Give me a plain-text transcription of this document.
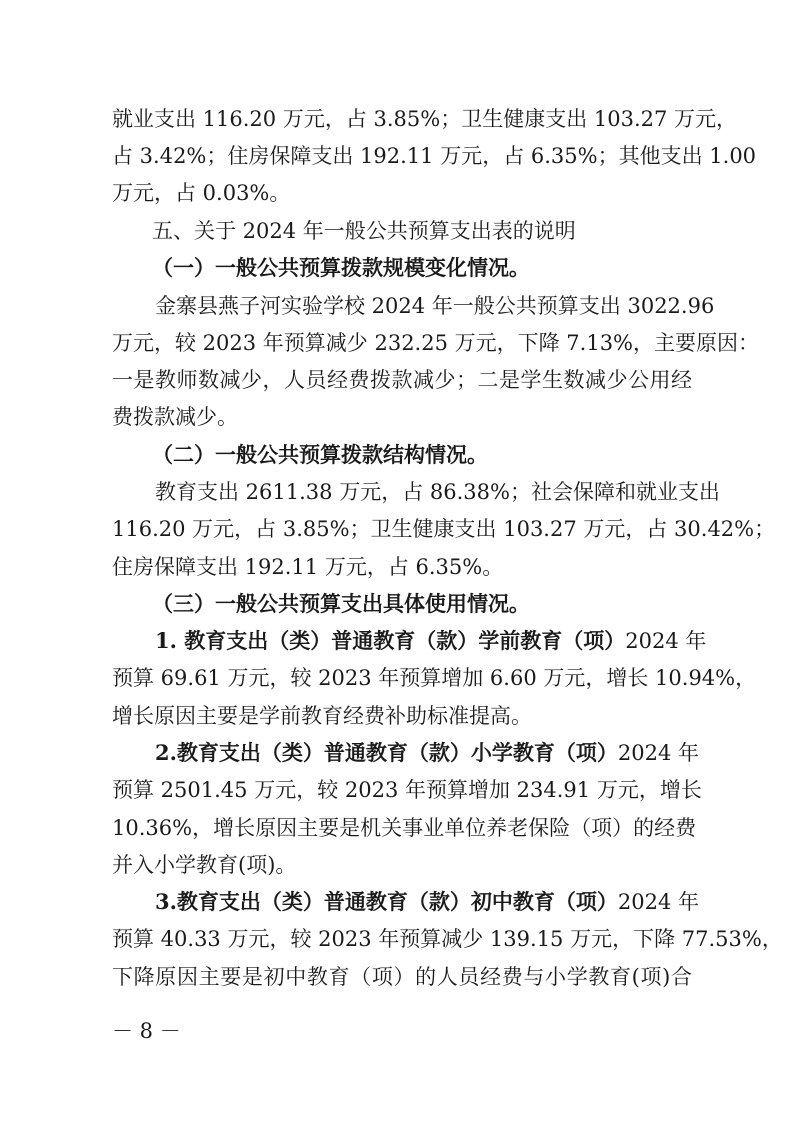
就业支出 116.20 万元，占 3.85%；卫生健康支出 103.27 万元，
占 3.42%；住房保障支出 192.11 万元，占 6.35%；其他支出 1.00
万元，占 0.03%。
五、关于 2024 年一般公共预算支出表的说明
（一）一般公共预算拨款规模变化情况。
金寨县燕子河实验学校 2024 年一般公共预算支出 3022.96
万元，较 2023 年预算减少 232.25 万元，下降 7.13%，主要原因：
一是教师数减少，人员经费拨款减少；二是学生数减少公用经
费拨款减少。
（二）一般公共预算拨款结构情况。
教育支出 2611.38 万元，占 86.38%；社会保障和就业支出
116.20 万元，占 3.85%；卫生健康支出 103.27 万元，占 30.42%；
住房保障支出 192.11 万元，占 6.35%。
（三）一般公共预算支出具体使用情况。
1. 教育支出（类）普通教育（款）学前教育（项）2024 年
预算 69.61 万元，较 2023 年预算增加 6.60 万元，增长 10.94%，
增长原因主要是学前教育经费补助标准提高。
2.教育支出（类）普通教育（款）小学教育（项）2024 年
预算 2501.45 万元，较 2023 年预算增加 234.91 万元，增长
10.36%，增长原因主要是机关事业单位养老保险（项）的经费
并入小学教育(项)。
3.教育支出（类）普通教育（款）初中教育（项）2024 年
预算 40.33 万元，较 2023 年预算减少 139.15 万元，下降 77.53%，
下降原因主要是初中教育（项）的人员经费与小学教育(项)合
－ 8 －
